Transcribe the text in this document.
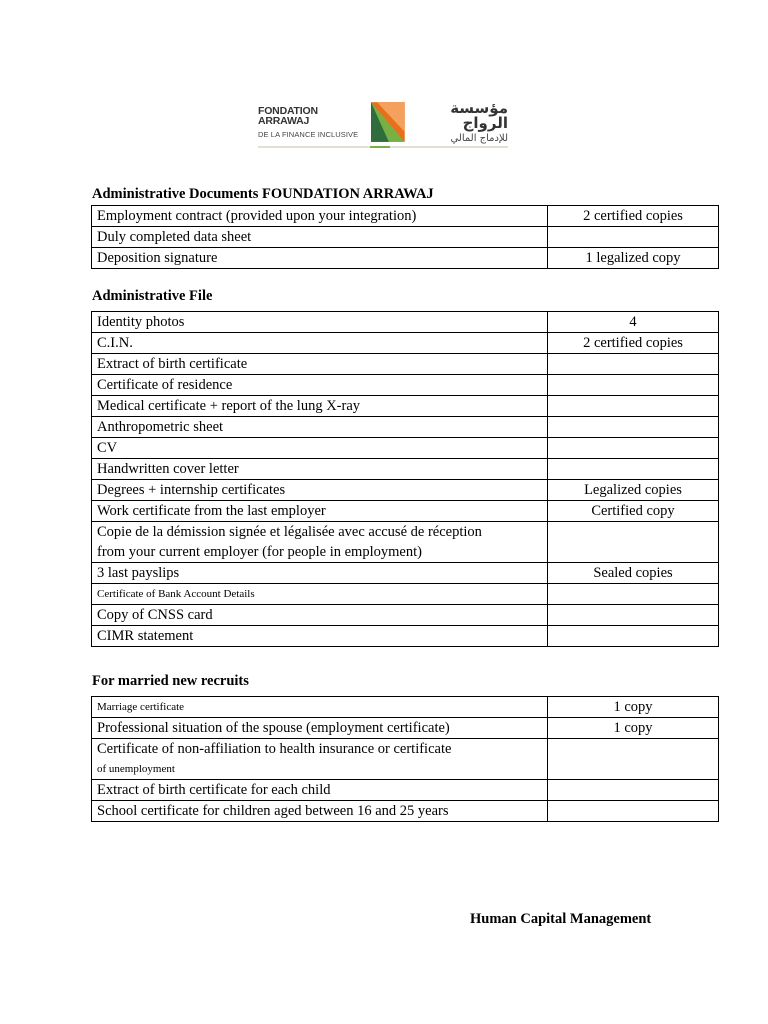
FONDATION ARRAWAJ
DE LA FINANCE INCLUSIVE
مؤسسة الرواج
للإدماج المالي
Administrative Documents FOUNDATION ARRAWAJ
Employment contract (provided upon your integration)	2 certified copies
Duly completed data sheet	
Deposition signature	1 legalized copy
Administrative File
Identity photos	4
C.I.N.	2 certified copies
Extract of birth certificate	
Certificate of residence	
Medical certificate + report of the lung X-ray	
Anthropometric sheet	
CV	
Handwritten cover letter	
Degrees + internship certificates	Legalized copies
Work certificate from the last employer	Certified copy

Copie de la démission signée et légalisée avec accusé de réception
from your current employer (for people in employment)	

3 last payslips	Sealed copies
Certificate of Bank Account Details	
Copy of CNSS card	
CIMR statement	
For married new recruits
Marriage certificate	1 copy
Professional situation of the spouse (employment certificate)	1 copy

Certificate of non-affiliation to health insurance or certificate
of unemployment	

Extract of birth certificate for each child	
School certificate for children aged between 16 and 25 years	
Human Capital Management
